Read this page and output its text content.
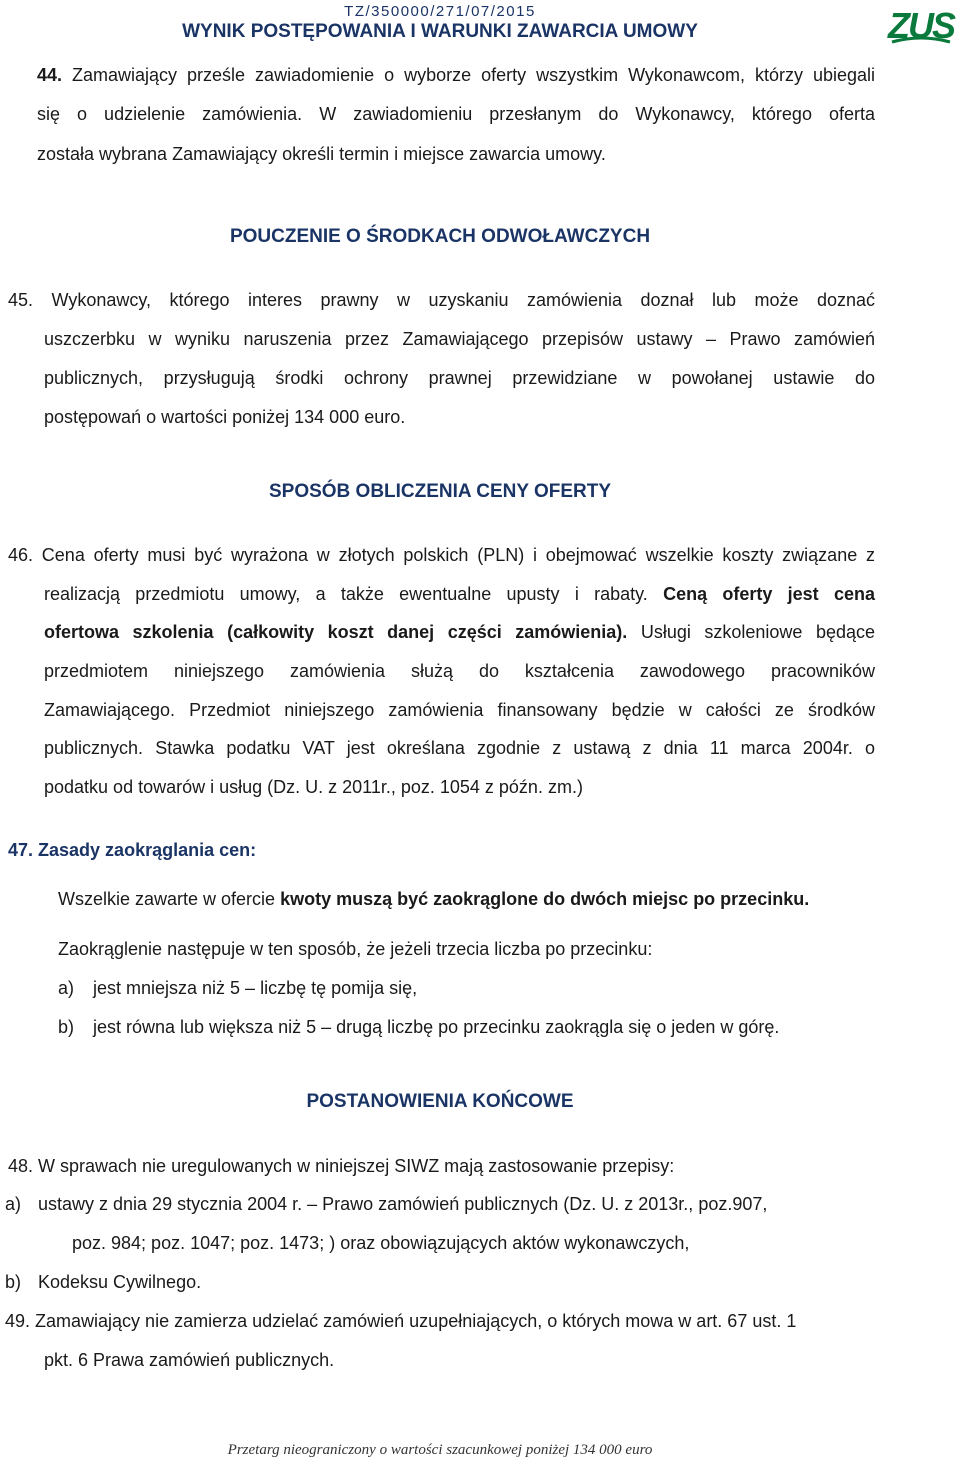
TZ/350000/271/07/2015
WYNIK POSTĘPOWANIA I WARUNKI ZAWARCIA UMOWY	ZUS
44. Zamawiający prześle zawiadomienie o wyborze oferty wszystkim Wykonawcom, którzy ubiegali
się o udzielenie zamówienia. W zawiadomieniu przesłanym do Wykonawcy, którego oferta
została wybrana Zamawiający określi termin i miejsce zawarcia umowy.
POUCZENIE O ŚRODKACH ODWOŁAWCZYCH
45. Wykonawcy, którego interes prawny w uzyskaniu zamówienia doznał lub może doznać
uszczerbku w wyniku naruszenia przez Zamawiającego przepisów ustawy – Prawo zamówień
publicznych, przysługują środki ochrony prawnej przewidziane w powołanej ustawie do
postępowań o wartości poniżej 134 000 euro.
SPOSÓB OBLICZENIA CENY OFERTY
46. Cena oferty musi być wyrażona w złotych polskich (PLN) i obejmować wszelkie koszty związane z
realizacją przedmiotu umowy, a także ewentualne upusty i rabaty. Ceną oferty jest cena
ofertowa szkolenia (całkowity koszt danej części zamówienia). Usługi szkoleniowe będące
przedmiotem niniejszego zamówienia służą do kształcenia zawodowego pracowników
Zamawiającego. Przedmiot niniejszego zamówienia finansowany będzie w całości ze środków
publicznych. Stawka podatku VAT jest określana zgodnie z ustawą z dnia 11 marca 2004r. o
podatku od towarów i usług (Dz. U. z 2011r., poz. 1054 z późn. zm.)
47. Zasady zaokrąglania cen:
Wszelkie zawarte w ofercie kwoty muszą być zaokrąglone do dwóch miejsc po przecinku.
Zaokrąglenie następuje w ten sposób, że jeżeli trzecia liczba po przecinku:
a) jest mniejsza niż 5 – liczbę tę pomija się,
b) jest równa lub większa niż 5 – drugą liczbę po przecinku zaokrągla się o jeden w górę.
POSTANOWIENIA KOŃCOWE
48. W sprawach nie uregulowanych w niniejszej SIWZ mają zastosowanie przepisy:
a) ustawy z dnia 29 stycznia 2004 r. – Prawo zamówień publicznych (Dz. U. z 2013r., poz.907,
poz. 984; poz. 1047; poz. 1473; ) oraz obowiązujących aktów wykonawczych,
b) Kodeksu Cywilnego.
49. Zamawiający nie zamierza udzielać zamówień uzupełniających, o których mowa w art. 67 ust. 1
pkt. 6 Prawa zamówień publicznych.
Przetarg nieograniczony o wartości szacunkowej poniżej 134 000 euro
